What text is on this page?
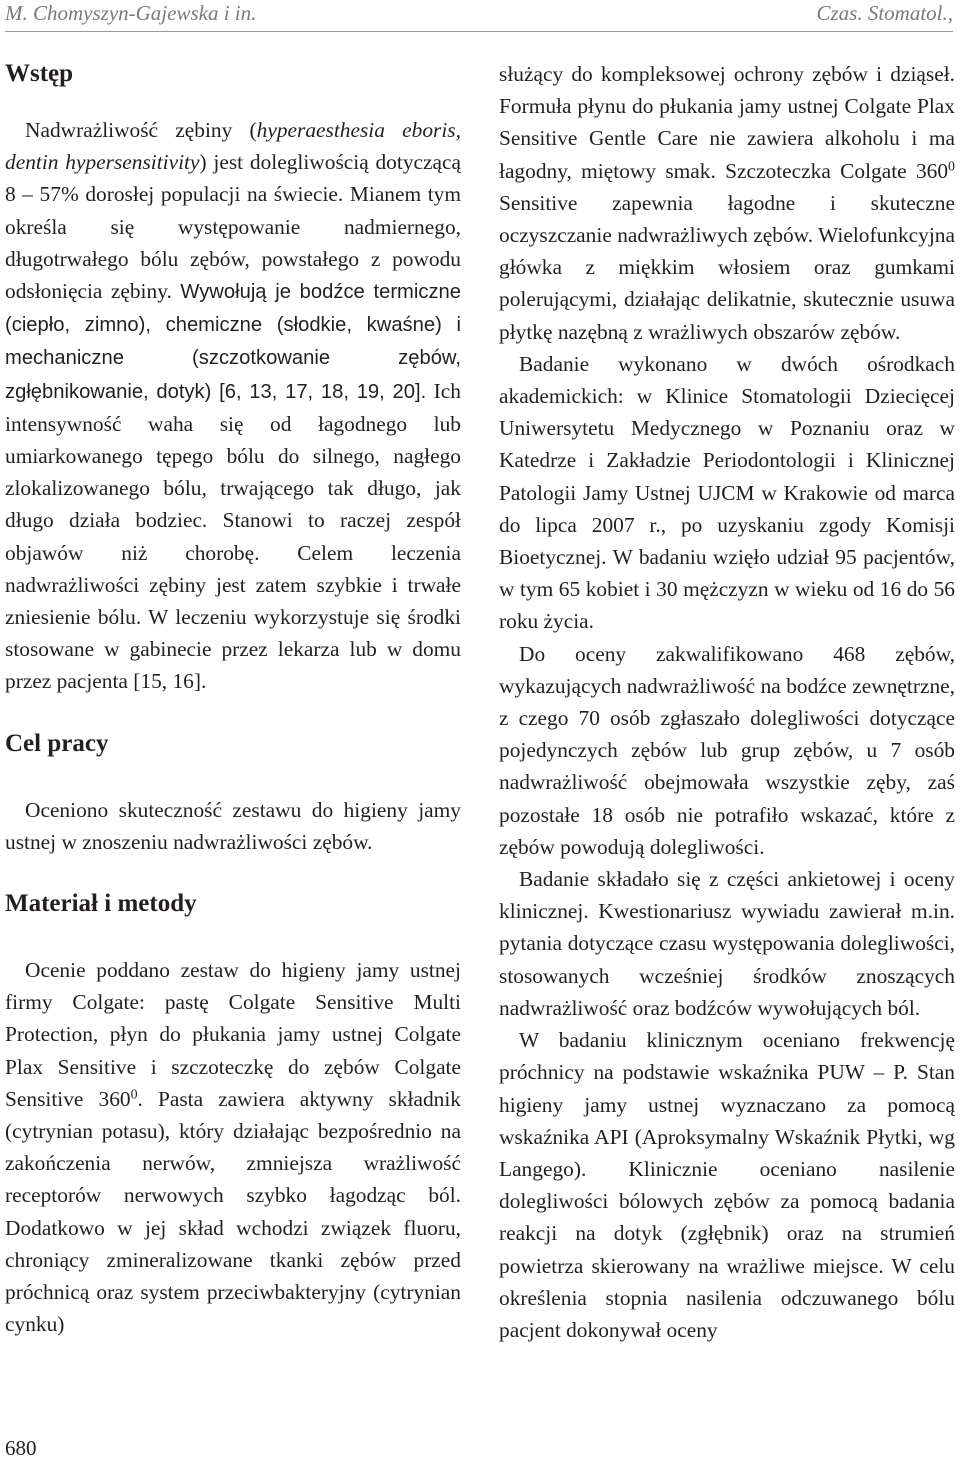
M. Chomyszyn-Gajewska i in.	Czas. Stomatol.,
Wstęp

Nadwrażliwość zębiny (hyperaesthesia eboris, dentin hypersensitivity) jest dolegliwością dotyczącą 8 – 57% dorosłej populacji na świecie. Mianem tym określa się występowanie nadmiernego, długotrwałego bólu zębów, powstałego z powodu odsłonięcia zębiny. Wywołują je bodźce termiczne (ciepło, zimno), chemiczne (słodkie, kwaśne) i mechaniczne (szczotkowanie zębów, zgłębnikowanie, dotyk) [6, 13, 17, 18, 19, 20]. Ich intensywność waha się od łagodnego lub umiarkowanego tępego bólu do silnego, nagłego zlokalizowanego bólu, trwającego tak długo, jak długo działa bodziec. Stanowi to raczej zespół objawów niż chorobę. Celem leczenia nadwrażliwości zębiny jest zatem szybkie i trwałe zniesienie bólu. W leczeniu wykorzystuje się środki stosowane w gabinecie przez lekarza lub w domu przez pacjenta [15, 16].

Cel pracy

Oceniono skuteczność zestawu do higieny jamy ustnej w znoszeniu nadwrażliwości zębów.

Materiał i metody

Ocenie poddano zestaw do higieny jamy ustnej firmy Colgate: pastę Colgate Sensitive Multi Protection, płyn do płukania jamy ustnej Colgate Plax Sensitive i szczoteczkę do zębów Colgate Sensitive $360^0$. Pasta zawiera aktywny składnik (cytrynian potasu), który działając bezpośrednio na zakończenia nerwów, zmniejsza wrażliwość receptorów nerwowych szybko łagodząc ból. Dodatkowo w jej skład wchodzi związek fluoru, chroniący zmineralizowane tkanki zębów przed próchnicą oraz system przeciwbakteryjny (cytrynian cynku)

służący do kompleksowej ochrony zębów i dziąseł. Formuła płynu do płukania jamy ustnej Colgate Plax Sensitive Gentle Care nie zawiera alkoholu i ma łagodny, miętowy smak. Szczoteczka Colgate $360^0$ Sensitive zapewnia łagodne i skuteczne oczyszczanie nadwrażliwych zębów. Wielofunkcyjna główka z miękkim włosiem oraz gumkami polerującymi, działając delikatnie, skutecznie usuwa płytkę nazębną z wrażliwych obszarów zębów.

Badanie wykonano w dwóch ośrodkach akademickich: w Klinice Stomatologii Dziecięcej Uniwersytetu Medycznego w Poznaniu oraz w Katedrze i Zakładzie Periodontologii i Klinicznej Patologii Jamy Ustnej UJCM w Krakowie od marca do lipca 2007 r., po uzyskaniu zgody Komisji Bioetycznej. W badaniu wzięło udział 95 pacjentów, w tym 65 kobiet i 30 mężczyzn w wieku od 16 do 56 roku życia.

Do oceny zakwalifikowano 468 zębów, wykazujących nadwrażliwość na bodźce zewnętrzne, z czego 70 osób zgłaszało dolegliwości dotyczące pojedynczych zębów lub grup zębów, u 7 osób nadwrażliwość obejmowała wszystkie zęby, zaś pozostałe 18 osób nie potrafiło wskazać, które z zębów powodują dolegliwości.

Badanie składało się z części ankietowej i oceny klinicznej. Kwestionariusz wywiadu zawierał m.in. pytania dotyczące czasu występowania dolegliwości, stosowanych wcześniej środków znoszących nadwrażliwość oraz bodźców wywołujących ból.

W badaniu klinicznym oceniano frekwencję próchnicy na podstawie wskaźnika PUW – P. Stan higieny jamy ustnej wyznaczano za pomocą wskaźnika API (Aproksymalny Wskaźnik Płytki, wg Langego). Klinicznie oceniano nasilenie dolegliwości bólowych zębów za pomocą badania reakcji na dotyk (zgłębnik) oraz na strumień powietrza skierowany na wrażliwe miejsce. W celu określenia stopnia nasilenia odczuwanego bólu pacjent dokonywał oceny

680
